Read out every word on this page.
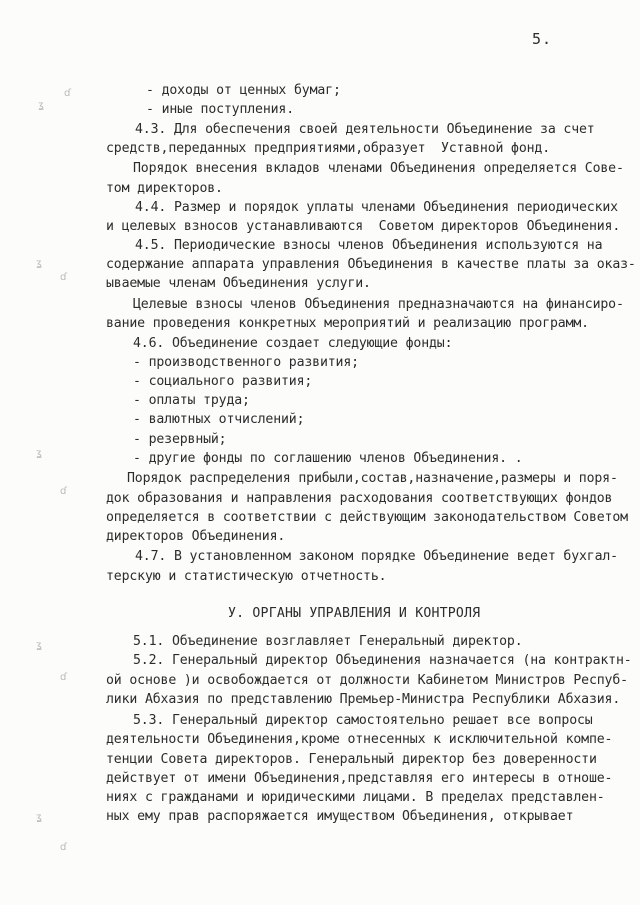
5.
- доходы от ценных бумаг;
- иные поступления.
4.3. Для обеспечения своей деятельности Объединение за счет
средств,переданных предприятиями,образует  Уставной фонд.
Порядок внесения вкладов членами Объединения определяется Сове-
том директоров.
4.4. Размер и порядок уплаты членами Объединения периодических
и целевых взносов устанавливаются  Советом директоров Объединения.
4.5. Периодические взносы членов Объединения используются на
содержание аппарата управления Объединения в качестве платы за оказ-
ываемые членам Объединения услуги.
Целевые взносы членов Объединения предназначаются на финансиро-
вание проведения конкретных мероприятий и реализацию программ.
4.6. Объединение создает следующие фонды:
- производственного развития;
- социального развития;
- оплаты труда;
- валютных отчислений;
- резервный;
- другие фонды по соглашению членов Объединения. .
Порядок распределения прибыли,состав,назначение,размеры и поря-
док образования и направления расходования соответствующих фондов
определяется в соответствии с действующим законодательством Советом
директоров Объединения.
4.7. В установленном законом порядке Объединение ведет бухгал-
терскую и статистическую отчетность.
У. ОРГАНЫ УПРАВЛЕНИЯ И КОНТРОЛЯ
5.1. Объединение возглавляет Генеральный директор.
5.2. Генеральный директор Объединения назначается (на контрактн-
ой основе )и освобождается от должности Кабинетом Министров Респуб-
лики Абхазия по представлению Премьер-Министра Республики Абхазия.
5.3. Генеральный директор самостоятельно решает все вопросы
деятельности Объединения,кроме отнесенных к исключительной компе-
тенции Совета директоров. Генеральный директор без доверенности
действует от имени Объединения,представляя его интересы в отноше-
ниях с гражданами и юридическими лицами. В пределах представлен-
ных ему прав распоряжается имуществом Объединения, открывает
ʓ
ɗ
ʓ
ɗ
ʓ
ɗ
ʓ
ɗ
ʓ
ɗ
